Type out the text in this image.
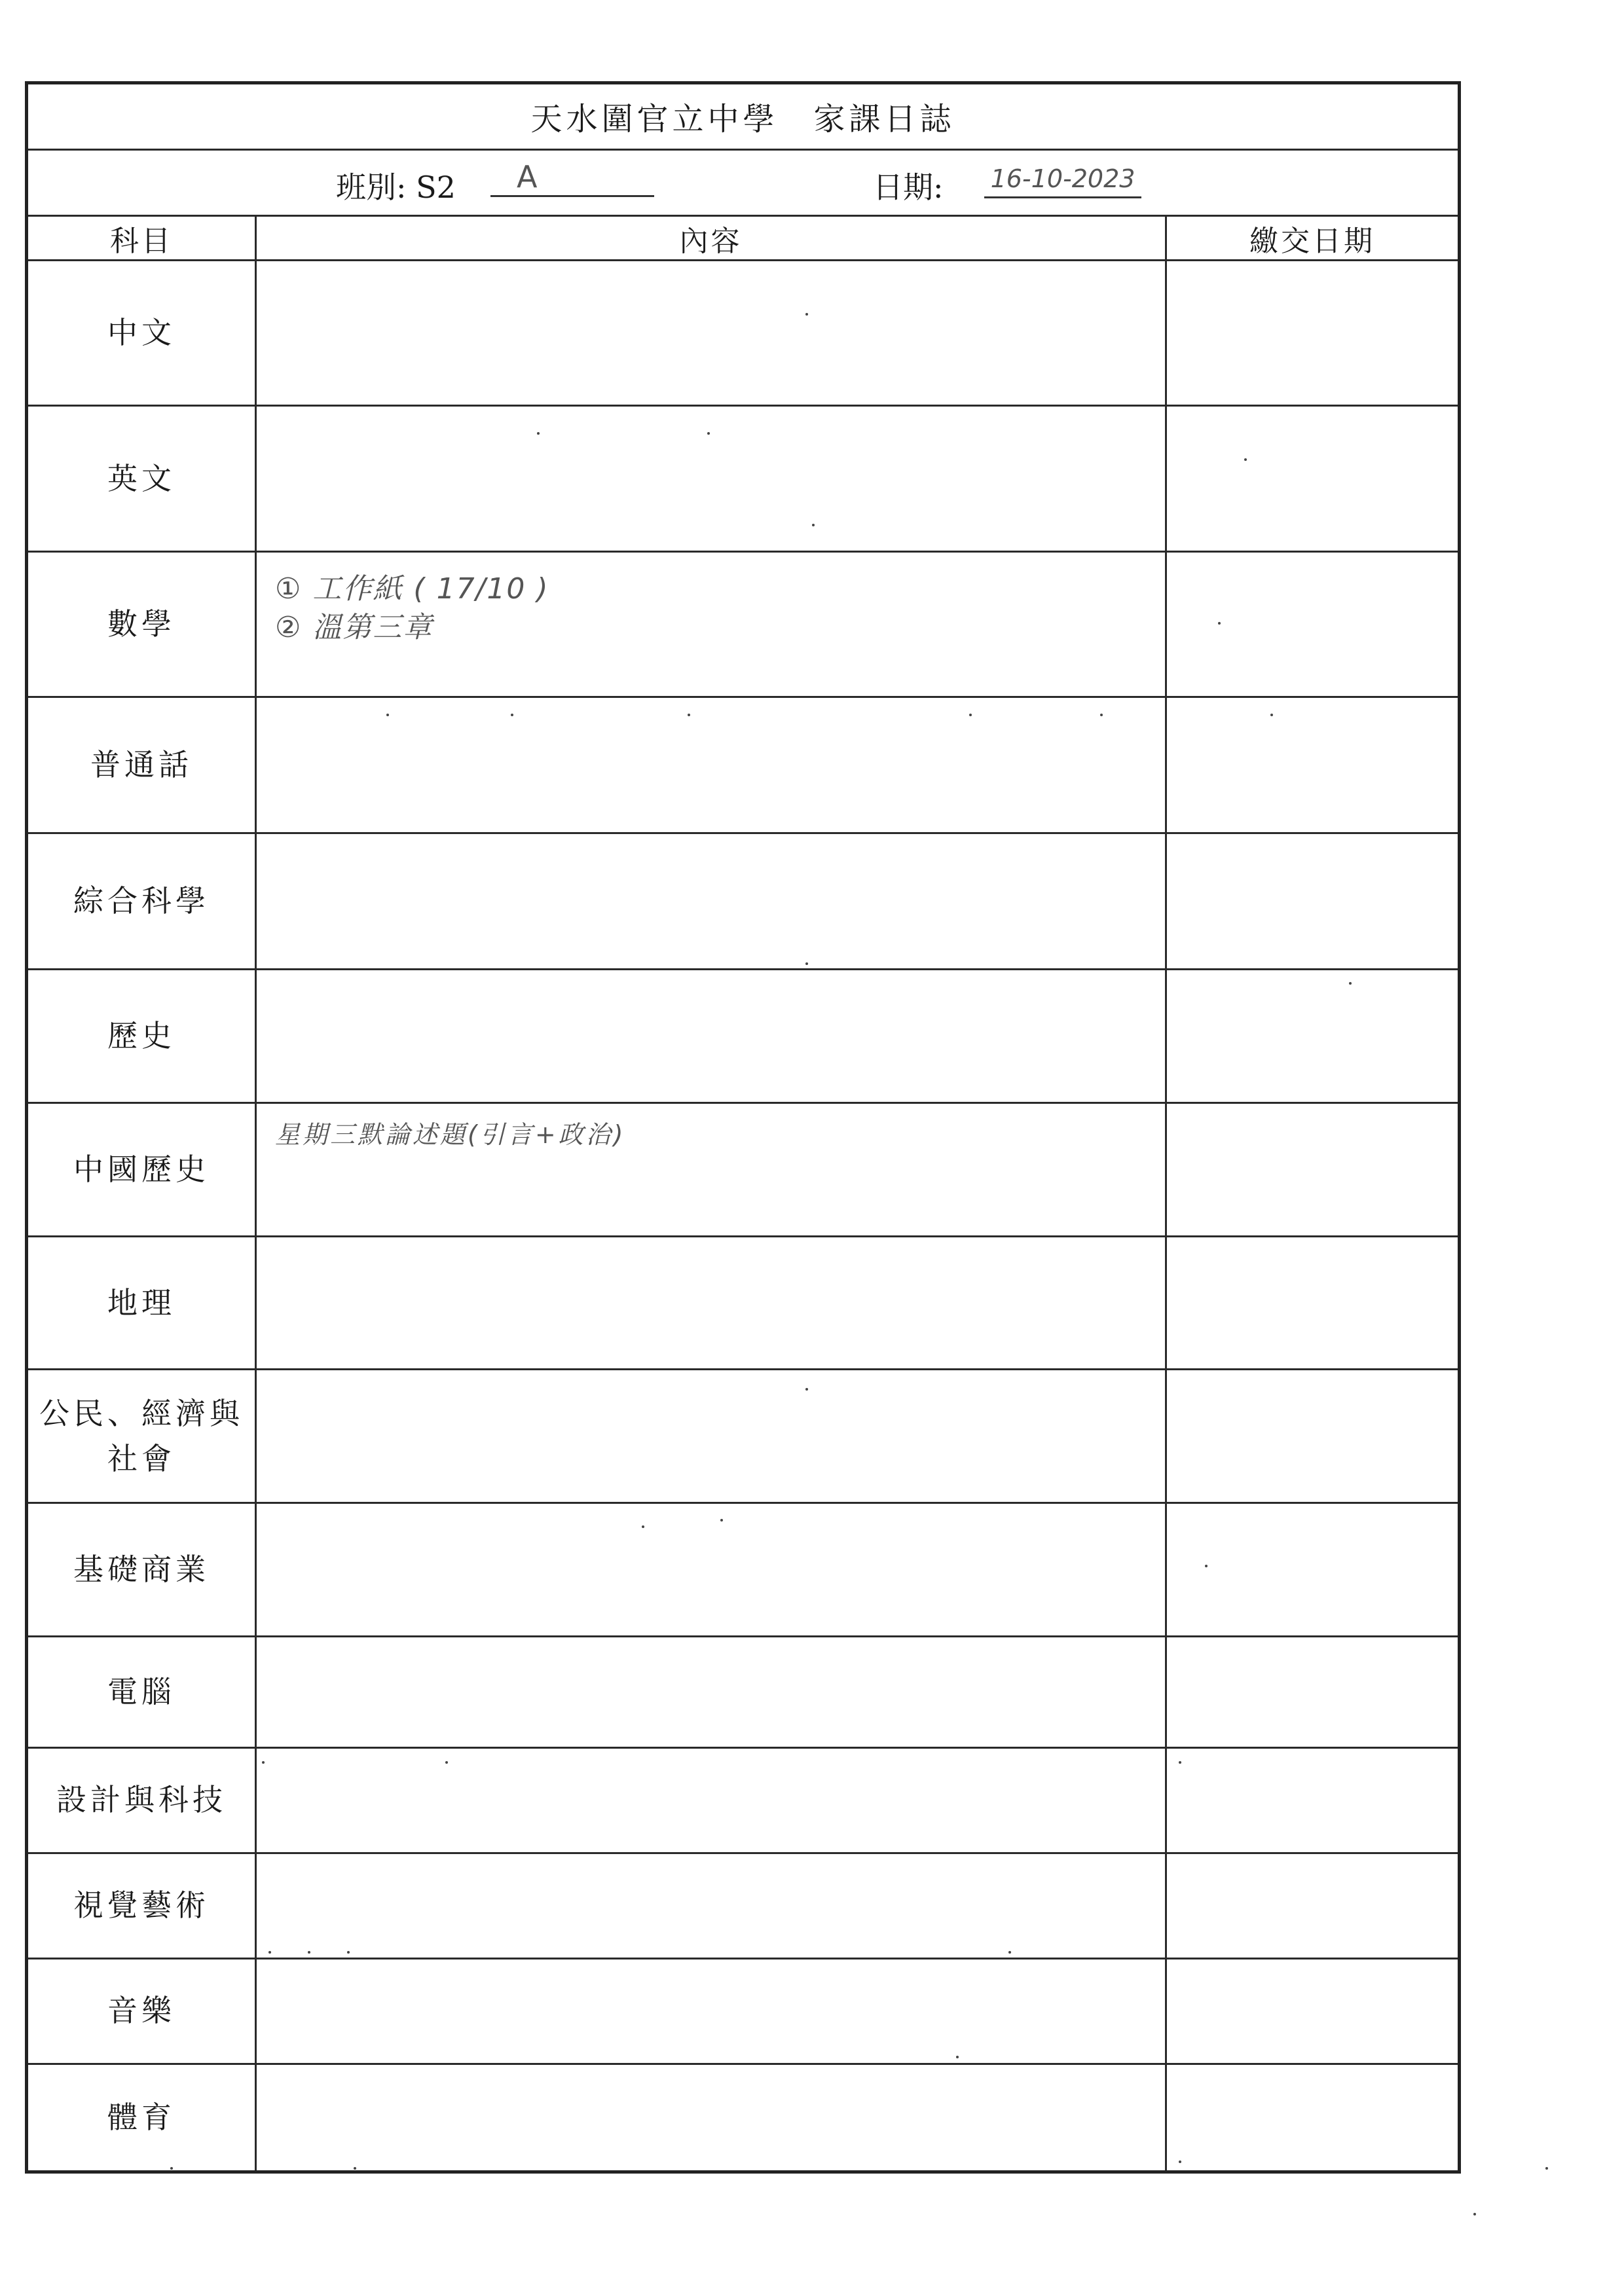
天水圍官立中學　家課日誌		

班別: S2 A 日期: 16-10-2023		

科目	內容	繳交日期
中文	

英文	

數學	① 工作紙 ( 17/10 )
② 溫第三章	

普通話	

綜合科學	

歷史	

中國歷史	星期三默論述題(引言+政治)	

地理	

公民、經濟與社會	

基礎商業	

電腦	

設計與科技	

視覺藝術	

音樂	

體育	
